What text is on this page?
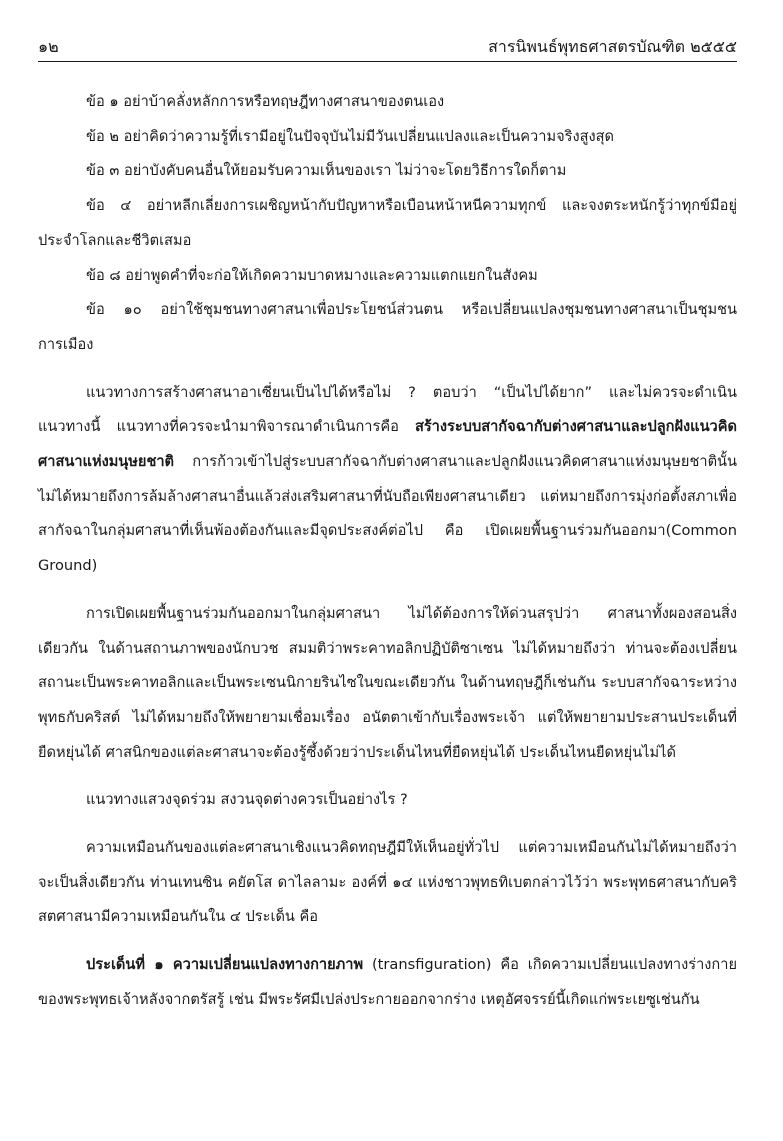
๑๒	สารนิพนธ์พุทธศาสตรบัณฑิต ๒๕๕๕

ข้อ ๑ อย่าบ้าคลั่งหลักการหรือทฤษฎีทางศาสนาของตนเอง

ข้อ ๒ อย่าคิดว่าความรู้ที่เรามีอยู่ในปัจจุบันไม่มีวันเปลี่ยนแปลงและเป็นความจริงสูงสุด

ข้อ ๓ อย่าบังคับคนอื่นให้ยอมรับความเห็นของเรา ไม่ว่าจะโดยวิธีการใดก็ตาม

ข้อ ๔ อย่าหลีกเลี่ยงการเผชิญหน้ากับปัญหาหรือเบือนหน้าหนีความทุกข์ และจงตระหนักรู้ว่าทุกข์มีอยู่ประจำโลกและชีวิตเสมอ

ข้อ ๘ อย่าพูดคำที่จะก่อให้เกิดความบาดหมางและความแตกแยกในสังคม

ข้อ ๑๐ อย่าใช้ชุมชนทางศาสนาเพื่อประโยชน์ส่วนตน หรือเปลี่ยนแปลงชุมชนทางศาสนาเป็นชุมชนการเมือง

แนวทางการสร้างศาสนาอาเซี่ยนเป็นไปได้หรือไม่ ? ตอบว่า “เป็นไปได้ยาก” และไม่ควรจะดำเนินแนวทางนี้ แนวทางที่ควรจะนำมาพิจารณาดำเนินการคือ สร้างระบบสากัจฉากับต่างศาสนาและปลูกฝังแนวคิดศาสนาแห่งมนุษยชาติ การก้าวเข้าไปสู่ระบบสากัจฉากับต่างศาสนาและปลูกฝังแนวคิดศาสนาแห่งมนุษยชาตินั้น ไม่ได้หมายถึงการล้มล้างศาสนาอื่นแล้วส่งเสริมศาสนาที่นับถือเพียงศาสนาเดียว แต่หมายถึงการมุ่งก่อตั้งสภาเพื่อสากัจฉาในกลุ่มศาสนาที่เห็นพ้องต้องกันและมีจุดประสงค์ต่อไป คือ เปิดเผยพื้นฐานร่วมกันออกมา(Common Ground)

การเปิดเผยพื้นฐานร่วมกันออกมาในกลุ่มศาสนา ไม่ได้ต้องการให้ด่วนสรุปว่า ศาสนาทั้งผองสอนสิ่งเดียวกัน ในด้านสถานภาพของนักบวช สมมติว่าพระคาทอลิกปฏิบัติซาเซน ไม่ได้หมายถึงว่า ท่านจะต้องเปลี่ยนสถานะเป็นพระคาทอลิกและเป็นพระเซนนิกายรินไซในขณะเดียวกัน ในด้านทฤษฎีก็เช่นกัน ระบบสากัจฉาระหว่างพุทธกับคริสต์ ไม่ได้หมายถึงให้พยายามเชื่อมเรื่อง อนัตตาเข้ากับเรื่องพระเจ้า แต่ให้พยายามประสานประเด็นที่ยืดหยุ่นได้ ศาสนิกของแต่ละศาสนาจะต้องรู้ซึ้งด้วยว่าประเด็นไหนที่ยืดหยุ่นได้ ประเด็นไหนยืดหยุ่นไม่ได้

แนวทางแสวงจุดร่วม สงวนจุดต่างควรเป็นอย่างไร ?

ความเหมือนกันของแต่ละศาสนาเชิงแนวคิดทฤษฎีมีให้เห็นอยู่ทั่วไป แต่ความเหมือนกันไม่ได้หมายถึงว่าจะเป็นสิ่งเดียวกัน ท่านเทนซิน คยัตโส ดาไลลามะ องค์ที่ ๑๔ แห่งชาวพุทธทิเบตกล่าวไว้ว่า พระพุทธศาสนากับคริสตศาสนามีความเหมือนกันใน ๔ ประเด็น คือ

ประเด็นที่ ๑ ความเปลี่ยนแปลงทางกายภาพ (transfiguration) คือ เกิดความเปลี่ยนแปลงทางร่างกายของพระพุทธเจ้าหลังจากตรัสรู้ เช่น มีพระรัศมีเปล่งประกายออกจากร่าง เหตุอัศจรรย์นี้เกิดแก่พระเยซูเช่นกัน
